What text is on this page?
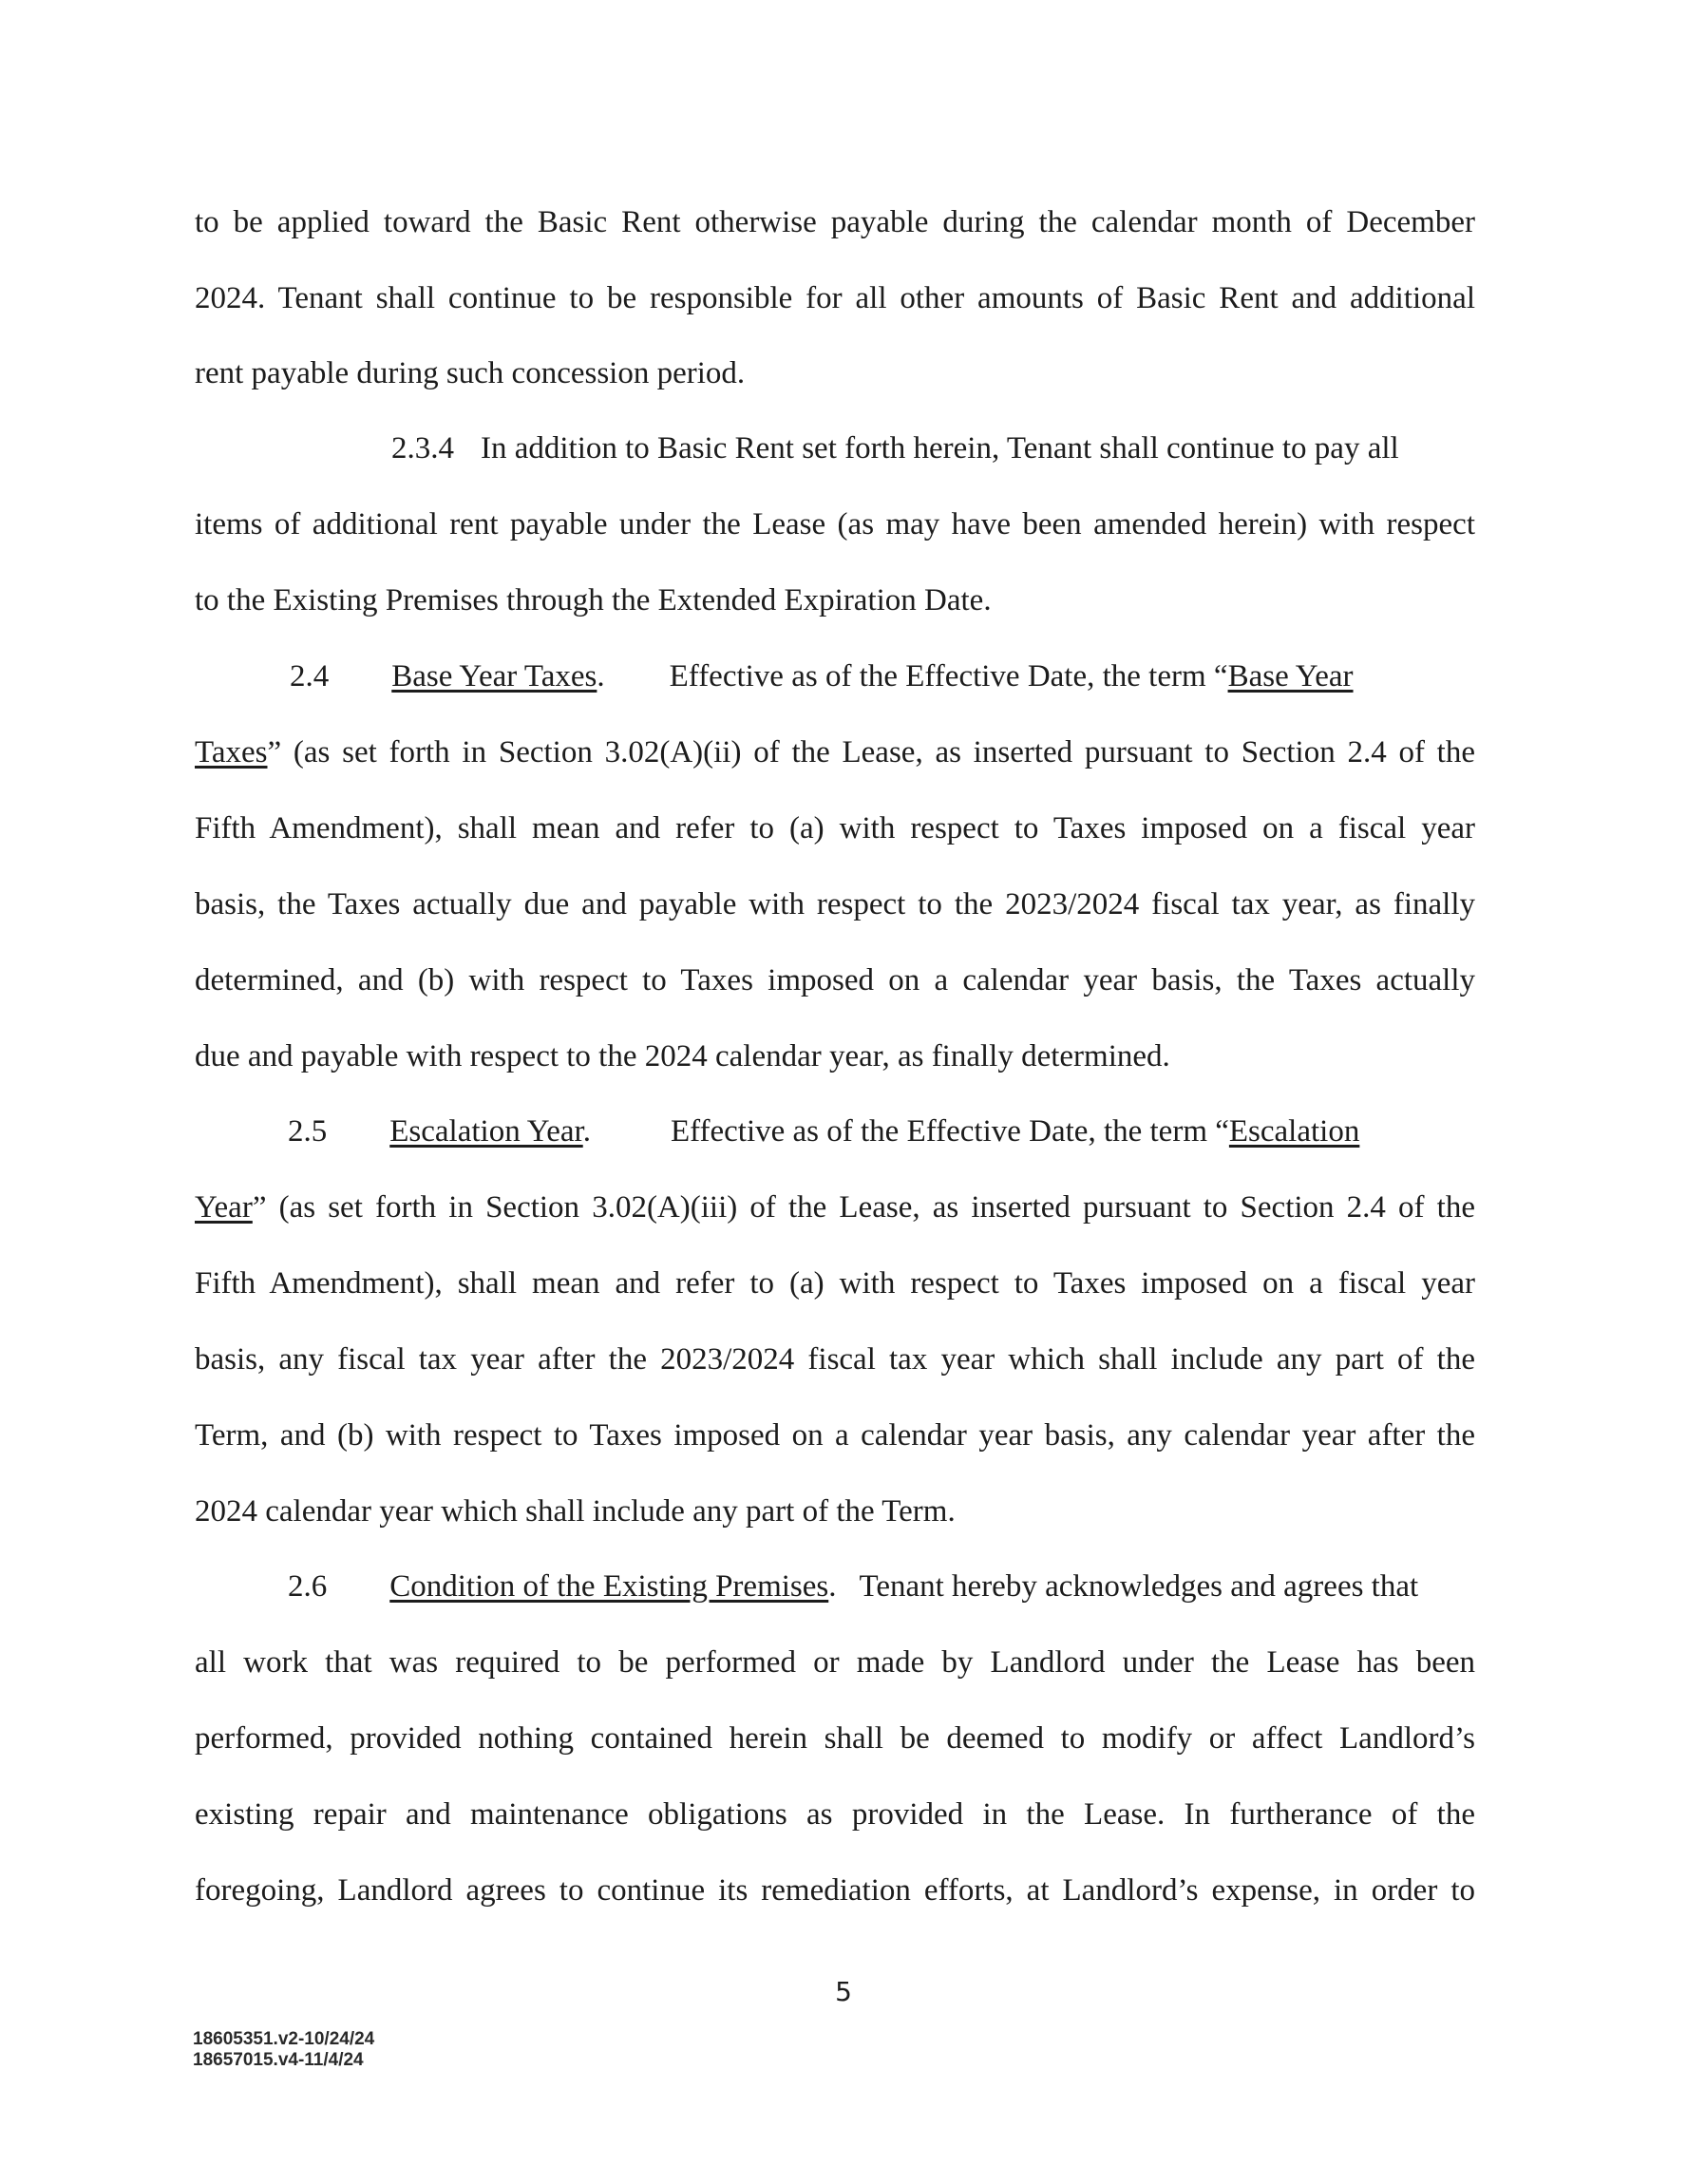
to be applied toward the Basic Rent otherwise payable during the calendar month of December
2024. Tenant shall continue to be responsible for all other amounts of Basic Rent and additional
rent payable during such concession period.
2.3.4 In addition to Basic Rent set forth herein, Tenant shall continue to pay all
items of additional rent payable under the Lease (as may have been amended herein) with respect
to the Existing Premises through the Extended Expiration Date.
2.4 Base Year Taxes. Effective as of the Effective Date, the term “Base Year
Taxes” (as set forth in Section 3.02(A)(ii) of the Lease, as inserted pursuant to Section 2.4 of the
Fifth Amendment), shall mean and refer to (a) with respect to Taxes imposed on a fiscal year
basis, the Taxes actually due and payable with respect to the 2023/2024 fiscal tax year, as finally
determined, and (b) with respect to Taxes imposed on a calendar year basis, the Taxes actually
due and payable with respect to the 2024 calendar year, as finally determined.
2.5 Escalation Year.	Effective as of the Effective Date, the term “Escalation
Year” (as set forth in Section 3.02(A)(iii) of the Lease, as inserted pursuant to Section 2.4 of the
Fifth Amendment), shall mean and refer to (a) with respect to Taxes imposed on a fiscal year
basis, any fiscal tax year after the 2023/2024 fiscal tax year which shall include any part of the
Term, and (b) with respect to Taxes imposed on a calendar year basis, any calendar year after the
2024 calendar year which shall include any part of the Term.
2.6 Condition of the Existing Premises. Tenant hereby acknowledges and agrees that
all work that was required to be performed or made by Landlord under the Lease has been
performed, provided nothing contained herein shall be deemed to modify or affect Landlord’s
existing repair and maintenance obligations as provided in the Lease. In furtherance of the
foregoing, Landlord agrees to continue its remediation efforts, at Landlord’s expense, in order to
5
18605351.v2-10/24/24
18657015.v4-11/4/24
